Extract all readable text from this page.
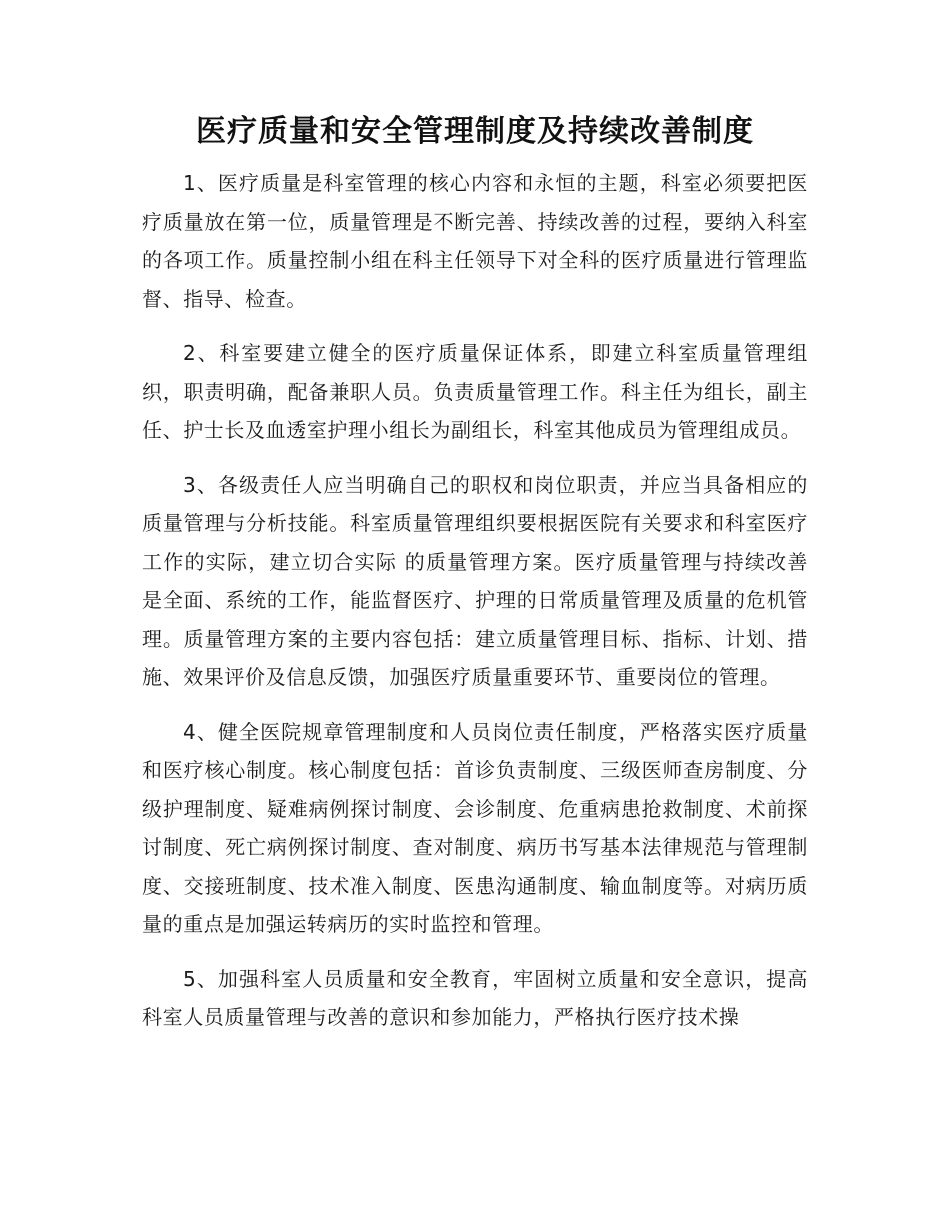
医疗质量和安全管理制度及持续改善制度

1、医疗质量是科室管理的核心内容和永恒的主题，科室必须要把医疗质量放在第一位，质量管理是不断完善、持续改善的过程，要纳入科室的各项工作。质量控制小组在科主任领导下对全科的医疗质量进行管理监督、指导、检查。

2、科室要建立健全的医疗质量保证体系，即建立科室质量管理组织，职责明确，配备兼职人员。负责质量管理工作。科主任为组长，副主任、护士长及血透室护理小组长为副组长，科室其他成员为管理组成员。

3、各级责任人应当明确自己的职权和岗位职责，并应当具备相应的质量管理与分析技能。科室质量管理组织要根据医院有关要求和科室医疗工作的实际，建立切合实际 的质量管理方案。医疗质量管理与持续改善是全面、系统的工作，能监督医疗、护理的日常质量管理及质量的危机管理。质量管理方案的主要内容包括：建立质量管理目标、指标、计划、措施、效果评价及信息反馈，加强医疗质量重要环节、重要岗位的管理。

4、健全医院规章管理制度和人员岗位责任制度，严格落实医疗质量和医疗核心制度。核心制度包括：首诊负责制度、三级医师查房制度、分级护理制度、疑难病例探讨制度、会诊制度、危重病患抢救制度、术前探讨制度、死亡病例探讨制度、查对制度、病历书写基本法律规范与管理制度、交接班制度、技术准入制度、医患沟通制度、输血制度等。对病历质量的重点是加强运转病历的实时监控和管理。

5、加强科室人员质量和安全教育，牢固树立质量和安全意识，提高科室人员质量管理与改善的意识和参加能力，严格执行医疗技术操
